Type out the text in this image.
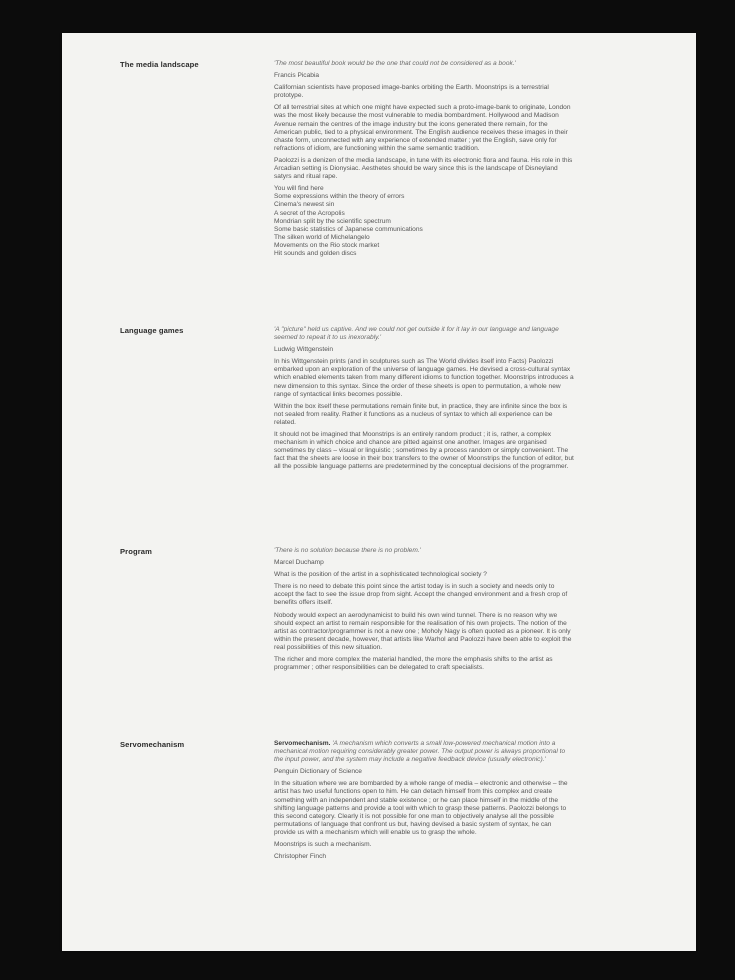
The media landscape	'The most beautiful book would be the one that could not be considered as a book.'

Francis Picabia

Californian scientists have proposed image-banks orbiting the Earth. Moonstrips is a terrestrial prototype.

Of all terrestrial sites at which one might have expected such a proto-image-bank to originate, London was the most likely because the most vulnerable to media bombardment. Hollywood and Madison Avenue remain the centres of the image industry but the icons generated there remain, for the American public, tied to a physical environment. The English audience receives these images in their chaste form, unconnected with any experience of extended matter ; yet the English, save only for refractions of idiom, are functioning within the same semantic tradition.

Paolozzi is a denizen of the media landscape, in tune with its electronic flora and fauna. His role in this Arcadian setting is Dionysiac. Aesthetes should be wary since this is the landscape of Disneyland satyrs and ritual rape.

You will find here
Some expressions within the theory of errors
Cinema's newest sin
A secret of the Acropolis
Mondrian split by the scientific spectrum
Some basic statistics of Japanese communications
The silken world of Michelangelo
Movements on the Rio stock market
Hit sounds and golden discs
Language games	'A "picture" held us captive. And we could not get outside it for it lay in our language and language seemed to repeat it to us inexorably.'

Ludwig Wittgenstein

In his Wittgenstein prints (and in sculptures such as The World divides itself into Facts) Paolozzi embarked upon an exploration of the universe of language games. He devised a cross-cultural syntax which enabled elements taken from many different idioms to function together. Moonstrips introduces a new dimension to this syntax. Since the order of these sheets is open to permutation, a whole new range of syntactical links becomes possible.

Within the box itself these permutations remain finite but, in practice, they are infinite since the box is not sealed from reality. Rather it functions as a nucleus of syntax to which all experience can be related.

It should not be imagined that Moonstrips is an entirely random product ; it is, rather, a complex mechanism in which choice and chance are pitted against one another. Images are organised sometimes by class – visual or linguistic ; sometimes by a process random or simply convenient. The fact that the sheets are loose in their box transfers to the owner of Moonstrips the function of editor, but all the possible language patterns are predetermined by the conceptual decisions of the programmer.

Program	'There is no solution because there is no problem.'

Marcel Duchamp

What is the position of the artist in a sophisticated technological society ?

There is no need to debate this point since the artist today is in such a society and needs only to accept the fact to see the issue drop from sight. Accept the changed environment and a fresh crop of benefits offers itself.

Nobody would expect an aerodynamicist to build his own wind tunnel. There is no reason why we should expect an artist to remain responsible for the realisation of his own projects. The notion of the artist as contractor/programmer is not a new one ; Moholy Nagy is often quoted as a pioneer. It is only within the present decade, however, that artists like Warhol and Paolozzi have been able to exploit the real possibilities of this new situation.

The richer and more complex the material handled, the more the emphasis shifts to the artist as programmer ; other responsibilities can be delegated to craft specialists.

Servomechanism	Servomechanism. 'A mechanism which converts a small low-powered mechanical motion into a mechanical motion requiring considerably greater power. The output power is always proportional to the input power, and the system may include a negative feedback device (usually electronic).'

Penguin Dictionary of Science

In the situation where we are bombarded by a whole range of media – electronic and otherwise – the artist has two useful functions open to him. He can detach himself from this complex and create something with an independent and stable existence ; or he can place himself in the middle of the shifting language patterns and provide a tool with which to grasp these patterns. Paolozzi belongs to this second category. Clearly it is not possible for one man to objectively analyse all the possible permutations of language that confront us but, having devised a basic system of syntax, he can provide us with a mechanism which will enable us to grasp the whole.

Moonstrips is such a mechanism.

Christopher Finch
